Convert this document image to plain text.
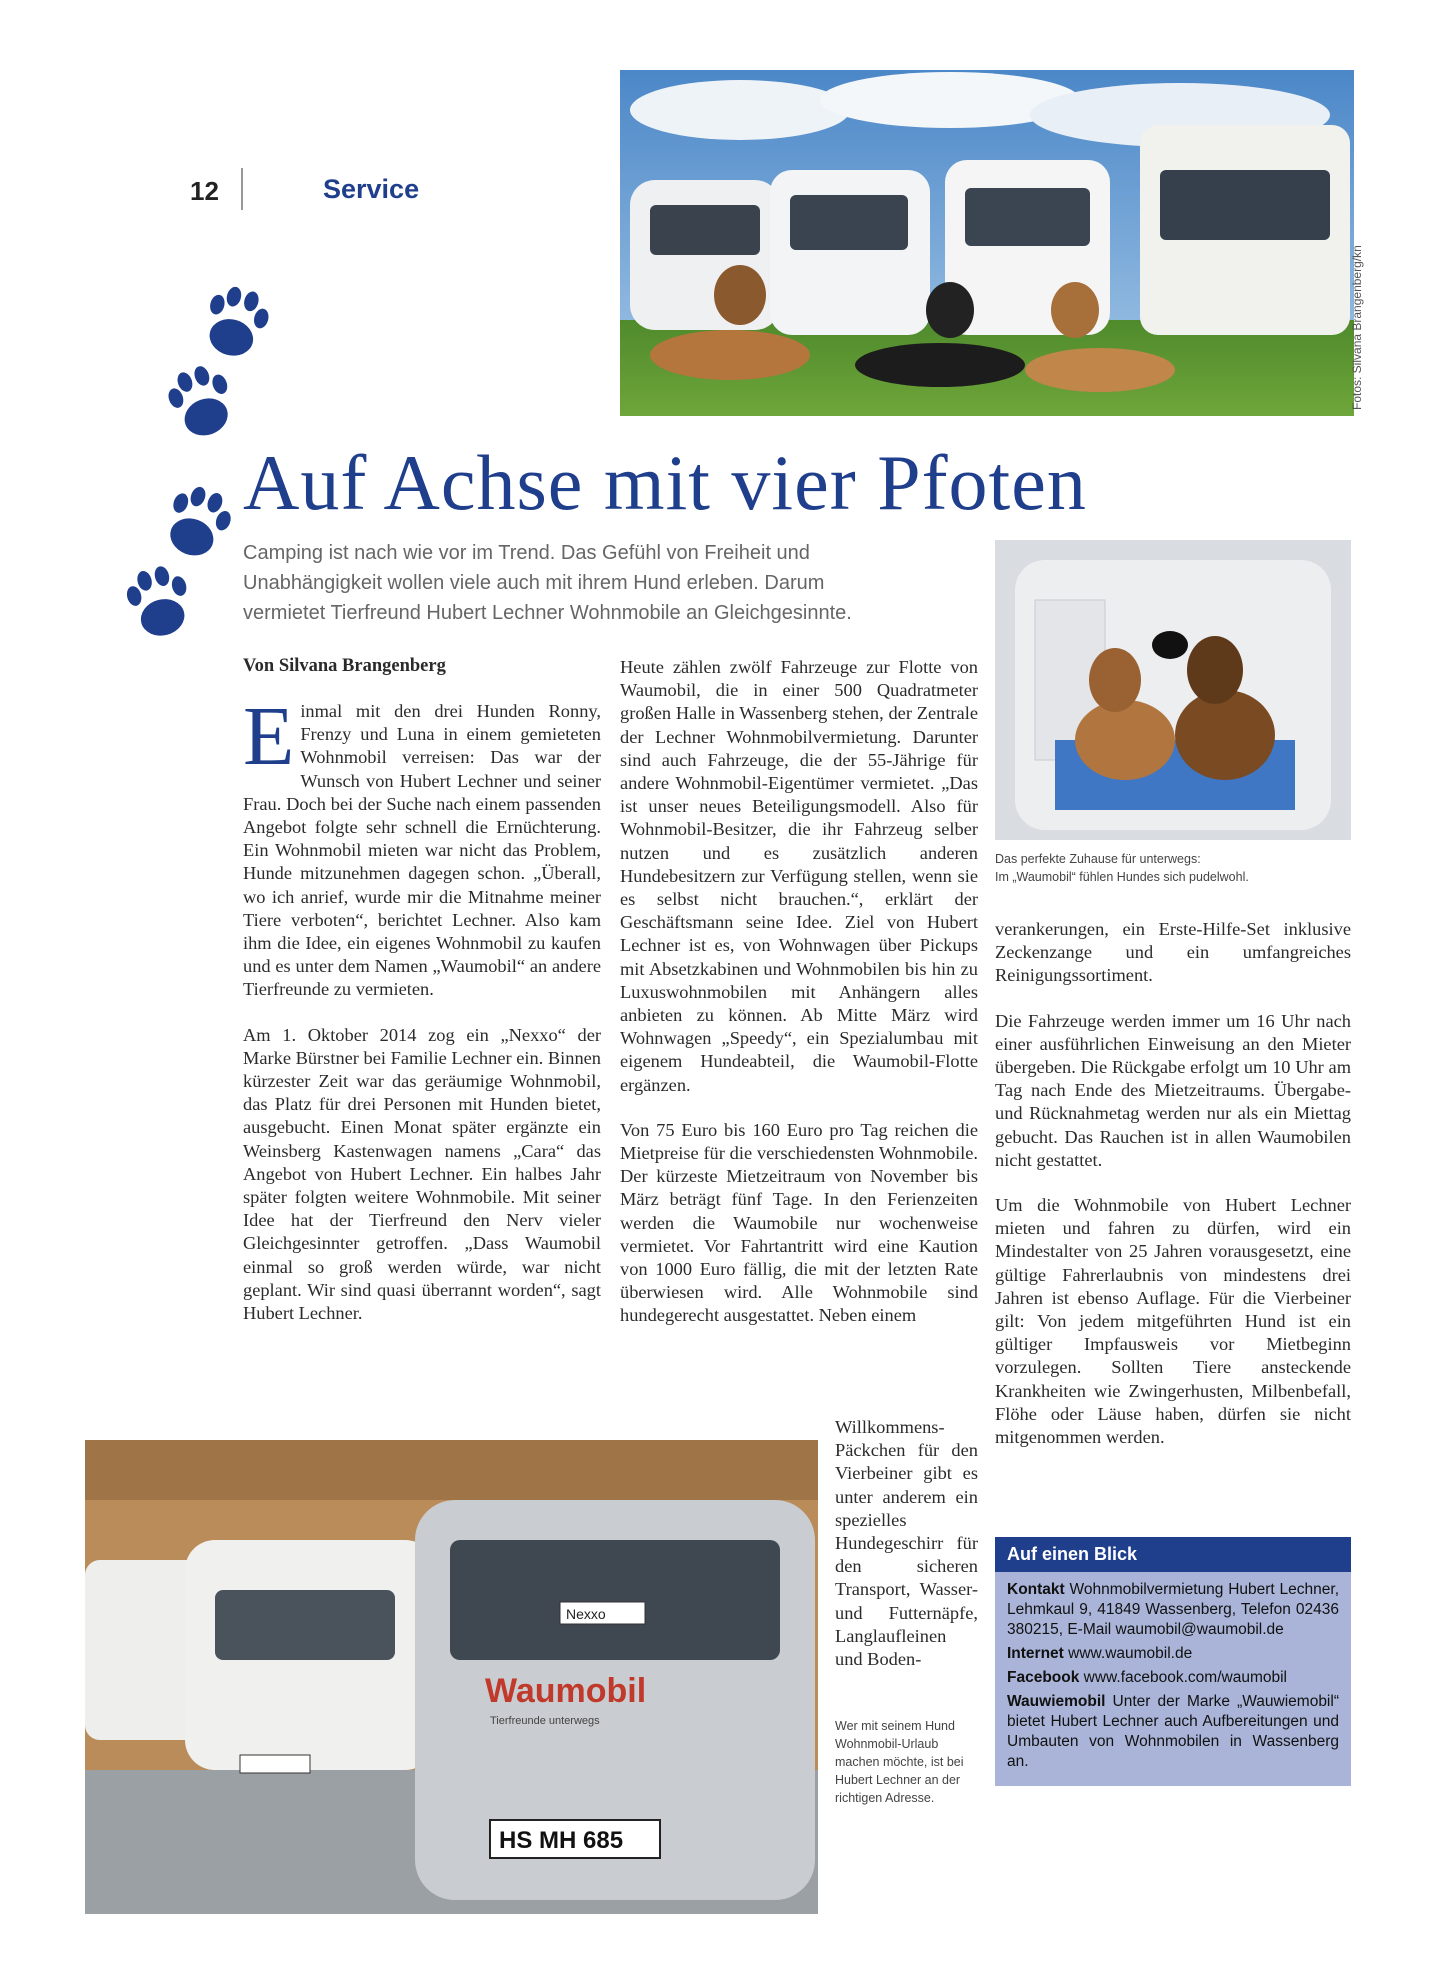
12	Service
Fotos: Silvana Brangenberg/kn
Auf Achse mit vier Pfoten
Camping ist nach wie vor im Trend. Das Gefühl von Freiheit und
Unabhängigkeit wollen viele auch mit ihrem Hund erleben. Darum
vermietet Tierfreund Hubert Lechner Wohnmobile an Gleichgesinnte.
Das perfekte Zuhause für unterwegs:
Im „Waumobil“ fühlen Hundes sich pudelwohl.
Von Silvana Brangenberg

Einmal mit den drei Hunden Ronny, Frenzy und Luna in einem gemieteten Wohnmobil verreisen: Das war der Wunsch von Hubert Lechner und seiner Frau. Doch bei der Suche nach einem passenden Angebot folgte sehr schnell die Ernüchterung. Ein Wohnmobil mieten war nicht das Problem, Hunde mitzunehmen dagegen schon. „Überall, wo ich anrief, wurde mir die Mitnahme meiner Tiere verboten“, berichtet Lechner. Also kam ihm die Idee, ein eigenes Wohnmobil zu kaufen und es unter dem Namen „Waumobil“ an andere Tierfreunde zu vermieten.

Am 1. Oktober 2014 zog ein „Nexxo“ der Marke Bürstner bei Familie Lechner ein. Binnen kürzester Zeit war das geräumige Wohnmobil, das Platz für drei Personen mit Hunden bietet, ausgebucht. Einen Monat später ergänzte ein Weinsberg Kastenwagen namens „Cara“ das Angebot von Hubert Lechner. Ein halbes Jahr später folgten weitere Wohnmobile. Mit seiner Idee hat der Tierfreund den Nerv vieler Gleichgesinnter getroffen. „Dass Waumobil einmal so groß werden würde, war nicht geplant. Wir sind quasi überrannt worden“, sagt Hubert Lechner.

Heute zählen zwölf Fahrzeuge zur Flotte von Waumobil, die in einer 500 Quadratmeter großen Halle in Wassenberg stehen, der Zentrale der Lechner Wohnmobilvermietung. Darunter sind auch Fahrzeuge, die der 55-Jährige für andere Wohnmobil-Eigentümer vermietet. „Das ist unser neues Beteiligungsmodell. Also für Wohnmobil-Besitzer, die ihr Fahrzeug selber nutzen und es zusätzlich anderen Hundebesitzern zur Verfügung stellen, wenn sie es selbst nicht brauchen.“, erklärt der Geschäftsmann seine Idee. Ziel von Hubert Lechner ist es, von Wohnwagen über Pickups mit Absetzkabinen und Wohnmobilen bis hin zu Luxuswohnmobilen mit Anhängern alles anbieten zu können. Ab Mitte März wird Wohnwagen „Speedy“, ein Spezialumbau mit eigenem Hundeabteil, die Waumobil-Flotte ergänzen.

Von 75 Euro bis 160 Euro pro Tag reichen die Mietpreise für die verschiedensten Wohnmobile. Der kürzeste Mietzeitraum von November bis März beträgt fünf Tage. In den Ferienzeiten werden die Waumobile nur wochenweise vermietet. Vor Fahrtantritt wird eine Kaution von 1000 Euro fällig, die mit der letzten Rate überwiesen wird. Alle Wohnmobile sind hundegerecht ausgestattet. Neben einem

Willkommens-Päckchen für den Vierbeiner gibt es unter anderem ein spezielles Hundegeschirr für den sicheren Transport, Wasser- und Futternäpfe, Langlaufleinen und Boden-

Nexxo
Waumobil
Tierfreunde unterwegs
HS MH 685
Wer mit seinem Hund
Wohnmobil-Urlaub
machen möchte, ist bei
Hubert Lechner an der
richtigen Adresse.

verankerungen, ein Erste-Hilfe-Set inklusive Zeckenzange und ein umfangreiches Reinigungssortiment.

Die Fahrzeuge werden immer um 16 Uhr nach einer ausführlichen Einweisung an den Mieter übergeben. Die Rückgabe erfolgt um 10 Uhr am Tag nach Ende des Mietzeitraums. Übergabe- und Rücknahmetag werden nur als ein Miettag gebucht. Das Rauchen ist in allen Waumobilen nicht gestattet.

Um die Wohnmobile von Hubert Lechner mieten und fahren zu dürfen, wird ein Mindestalter von 25 Jahren vorausgesetzt, eine gültige Fahrerlaubnis von mindestens drei Jahren ist ebenso Auflage. Für die Vierbeiner gilt: Von jedem mitgeführten Hund ist ein gültiger Impfausweis vor Mietbeginn vorzulegen. Sollten Tiere ansteckende Krankheiten wie Zwingerhusten, Milbenbefall, Flöhe oder Läuse haben, dürfen sie nicht mitgenommen werden.

Auf einen Blick

Kontakt Wohnmobilvermietung Hubert Lechner, Lehmkaul 9, 41849 Wassenberg, Telefon 02436 380215, E-Mail waumobil@waumobil.de

Internet www.waumobil.de

Facebook www.facebook.com/waumobil

Wauwiemobil Unter der Marke „Wauwiemobil“ bietet Hubert Lechner auch Aufbereitungen und Umbauten von Wohnmobilen in Wassenberg an.
